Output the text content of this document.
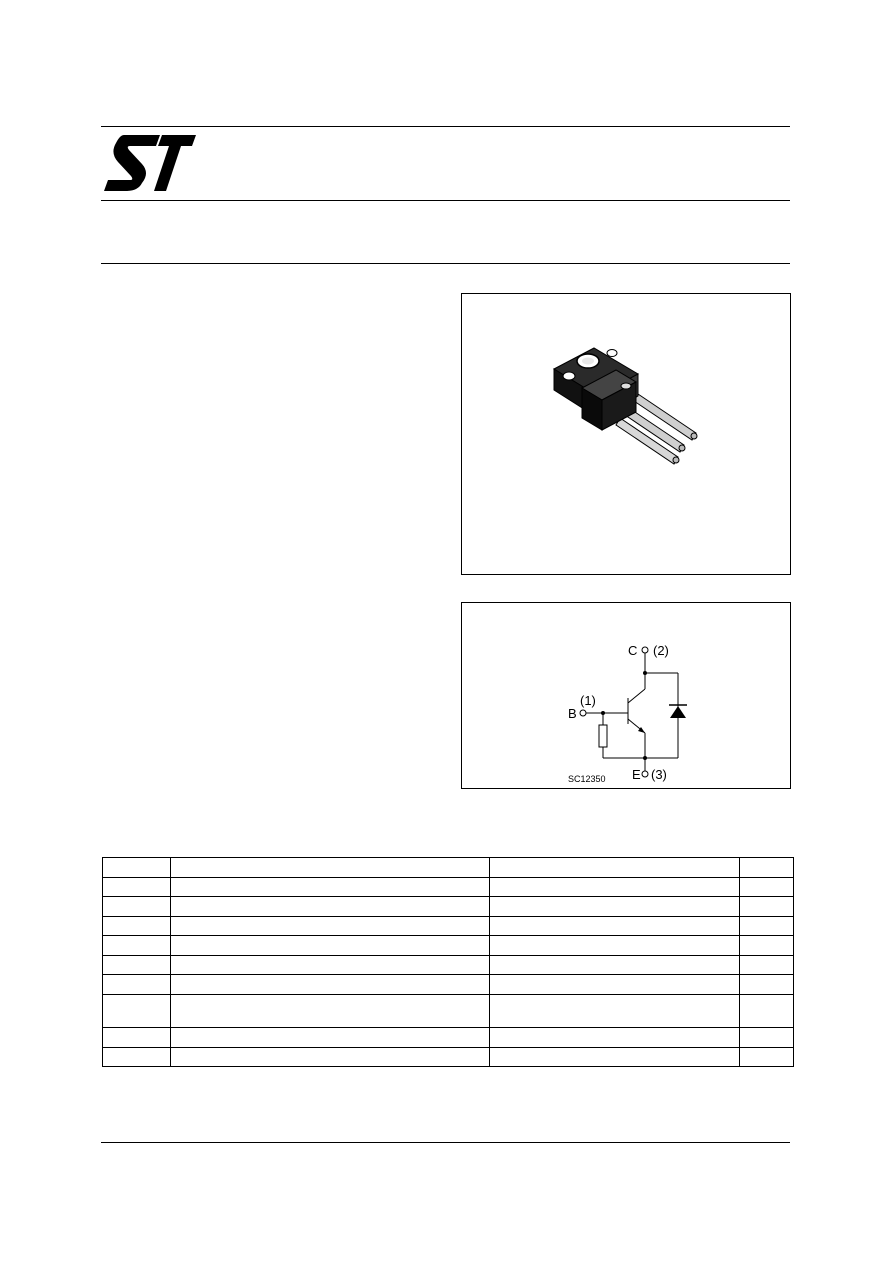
C (2)
(1)
B
E (3)
SC12350
